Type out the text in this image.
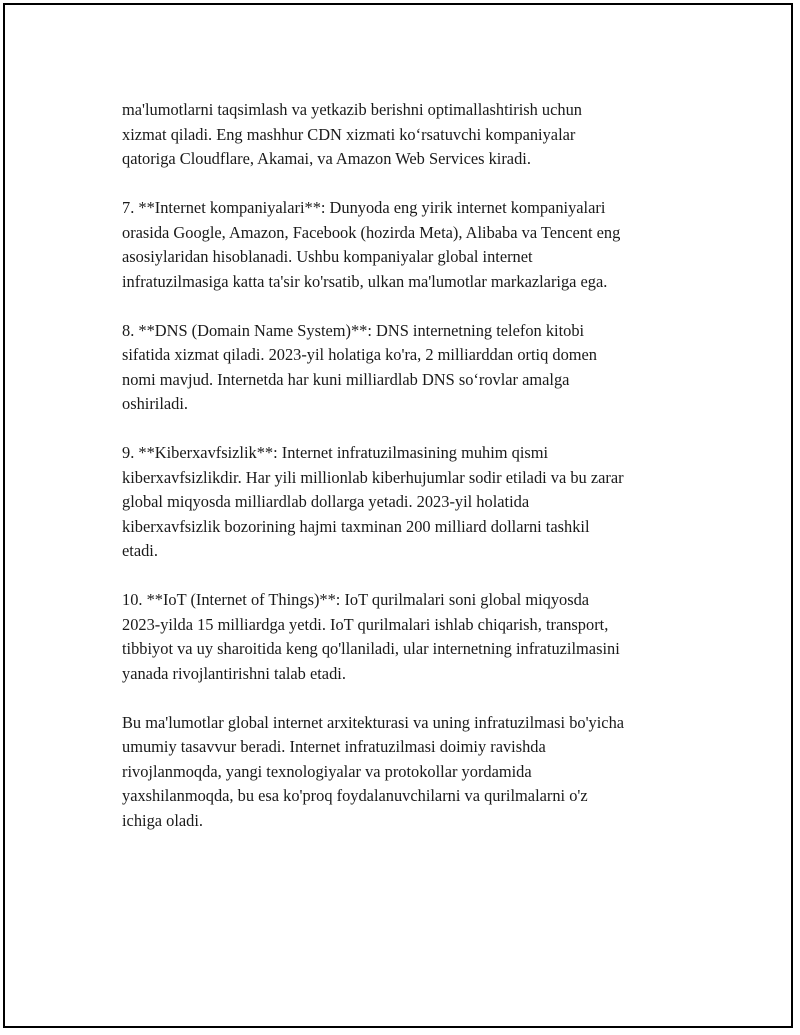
ma'lumotlarni taqsimlash va yetkazib berishni optimallashtirish uchun
xizmat qiladi. Eng mashhur CDN xizmati ko‘rsatuvchi kompaniyalar
qatoriga Cloudflare, Akamai, va Amazon Web Services kiradi.

7. **Internet kompaniyalari**: Dunyoda eng yirik internet kompaniyalari
orasida Google, Amazon, Facebook (hozirda Meta), Alibaba va Tencent eng
asosiylaridan hisoblanadi. Ushbu kompaniyalar global internet
infratuzilmasiga katta ta'sir ko'rsatib, ulkan ma'lumotlar markazlariga ega.

8. **DNS (Domain Name System)**: DNS internetning telefon kitobi
sifatida xizmat qiladi. 2023-yil holatiga ko'ra, 2 milliarddan ortiq domen
nomi mavjud. Internetda har kuni milliardlab DNS so‘rovlar amalga
oshiriladi.

9. **Kiberxavfsizlik**: Internet infratuzilmasining muhim qismi
kiberxavfsizlikdir. Har yili millionlab kiberhujumlar sodir etiladi va bu zarar
global miqyosda milliardlab dollarga yetadi. 2023-yil holatida
kiberxavfsizlik bozorining hajmi taxminan 200 milliard dollarni tashkil
etadi.

10. **IoT (Internet of Things)**: IoT qurilmalari soni global miqyosda
2023-yilda 15 milliardga yetdi. IoT qurilmalari ishlab chiqarish, transport,
tibbiyot va uy sharoitida keng qo'llaniladi, ular internetning infratuzilmasini
yanada rivojlantirishni talab etadi.

Bu ma'lumotlar global internet arxitekturasi va uning infratuzilmasi bo'yicha
umumiy tasavvur beradi. Internet infratuzilmasi doimiy ravishda
rivojlanmoqda, yangi texnologiyalar va protokollar yordamida
yaxshilanmoqda, bu esa ko'proq foydalanuvchilarni va qurilmalarni o'z
ichiga oladi.
